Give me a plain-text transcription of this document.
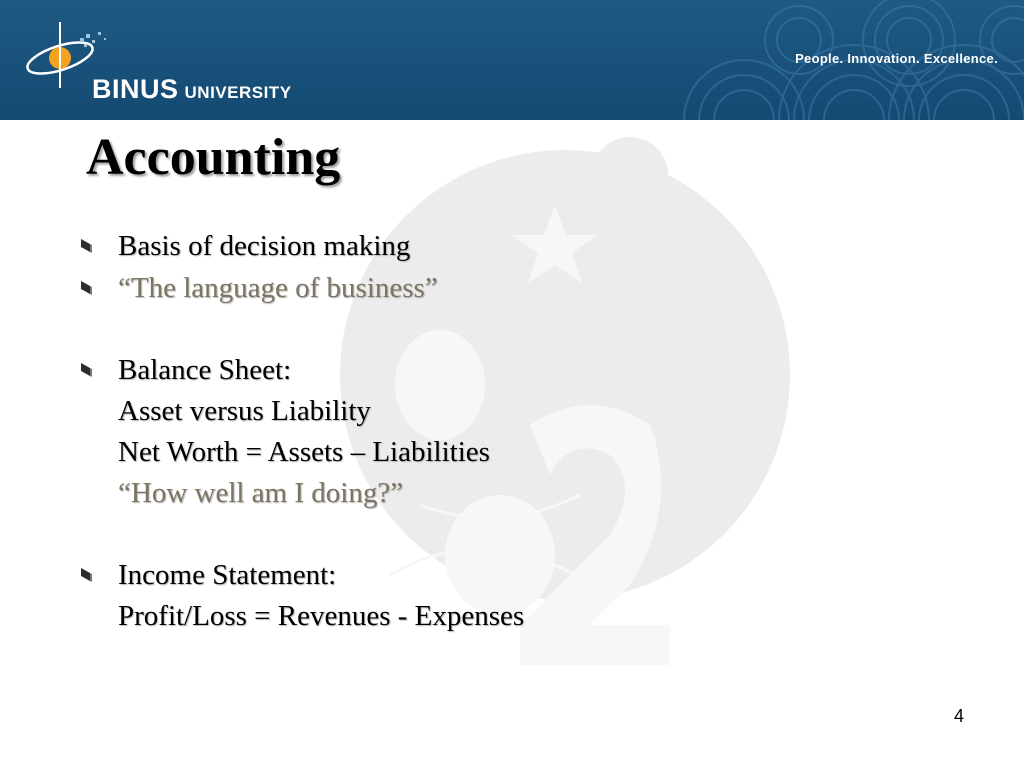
BINUS UNIVERSITY
People. Innovation. Excellence.
Accounting
Basis of decision making
“The language of business”
Balance Sheet:
Asset versus Liability
Net Worth = Assets – Liabilities
“How well am I doing?”
Income Statement:
Profit/Loss = Revenues - Expenses
4
